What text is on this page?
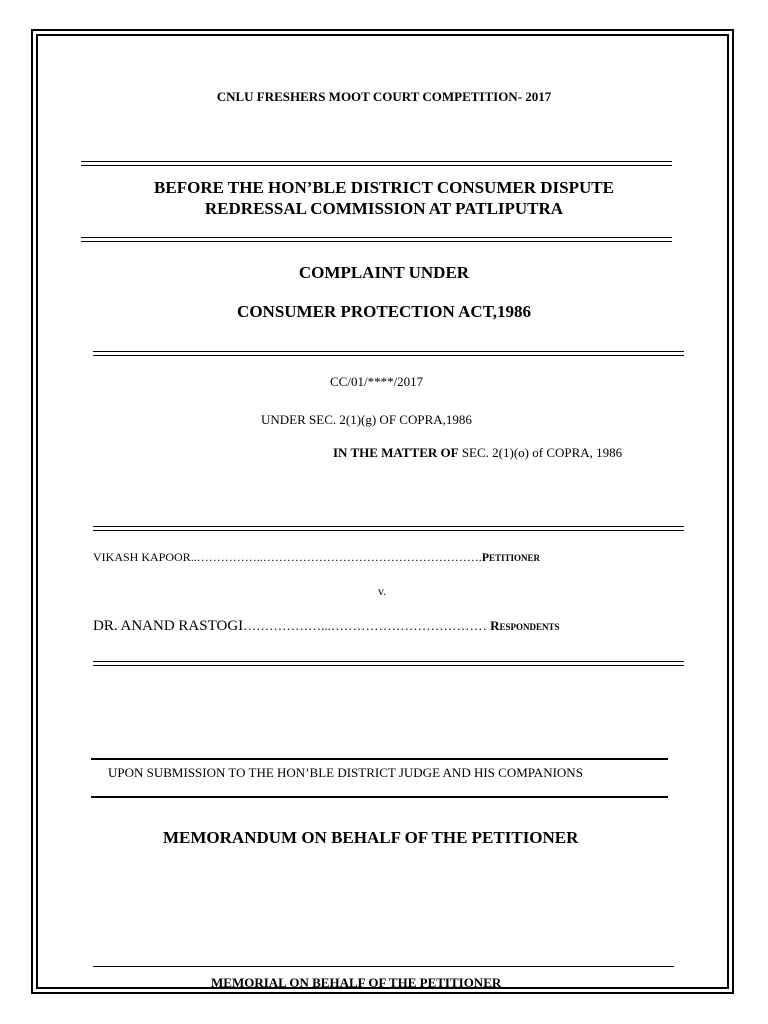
CNLU FRESHERS MOOT COURT COMPETITION- 2017
BEFORE THE HON’BLE DISTRICT CONSUMER DISPUTE
REDRESSAL COMMISSION AT PATLIPUTRA
COMPLAINT UNDER
CONSUMER PROTECTION ACT,1986
CC/01/****/2017
UNDER SEC. 2(1)(g) OF COPRA,1986
IN THE MATTER OF SEC. 2(1)(o) of COPRA, 1986
VIKASH KAPOOR..……………..……………………………………………….PETITIONER
v.
DR. ANAND RASTOGI………………...……………………………… RESPONDENTS
UPON SUBMISSION TO THE HON’BLE DISTRICT JUDGE AND HIS COMPANIONS
MEMORANDUM ON BEHALF OF THE PETITIONER
MEMORIAL ON BEHALF OF THE PETITIONER
